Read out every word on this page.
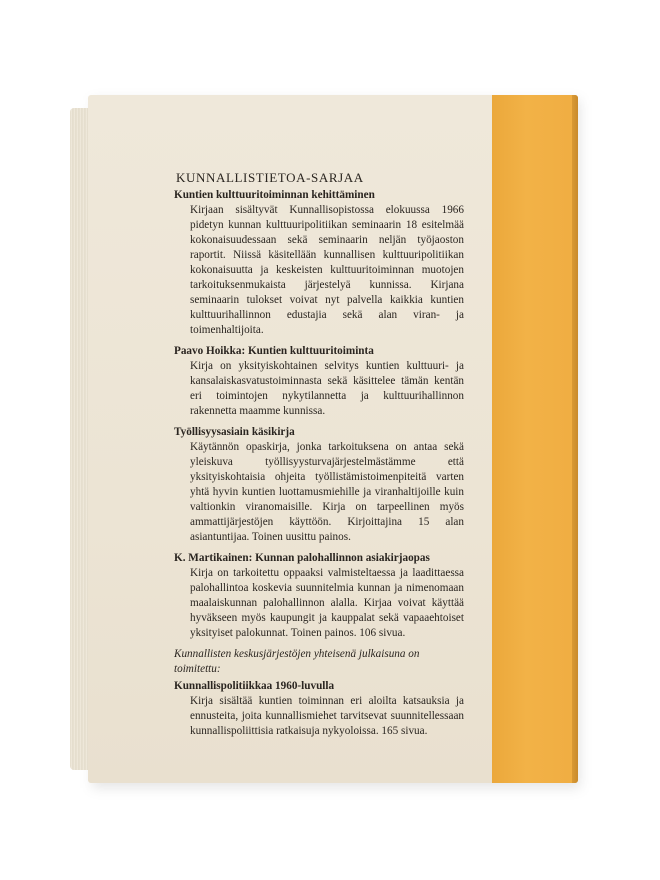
KUNNALLISTIETOA-SARJAA

Kuntien kulttuuritoiminnan kehittäminen

Kirjaan sisältyvät Kunnallisopistossa elokuussa 1966 pidetyn kunnan kulttuuripolitiikan seminaarin 18 esitelmää kokonaisuudessaan sekä seminaarin neljän työjaoston raportit. Niissä käsitellään kunnallisen kulttuuripolitiikan kokonaisuutta ja keskeisten kulttuuritoiminnan muotojen tarkoituksenmukaista järjestelyä kunnissa. Kirjana seminaarin tulokset voivat nyt palvella kaikkia kuntien kulttuurihallinnon edustajia sekä alan viran- ja toimenhaltijoita.

Paavo Hoikka: Kuntien kulttuuritoiminta

Kirja on yksityiskohtainen selvitys kuntien kulttuuri- ja kansalaiskasvatustoiminnasta sekä käsittelee tämän kentän eri toimintojen nykytilannetta ja kulttuurihallinnon rakennetta maamme kunnissa.

Työllisyysasiain käsikirja

Käytännön opaskirja, jonka tarkoituksena on antaa sekä yleiskuva työllisyysturvajärjestelmästämme että yksityiskohtaisia ohjeita työllistämistoimenpiteitä varten yhtä hyvin kuntien luottamusmiehille ja viranhaltijoille kuin valtionkin viranomaisille. Kirja on tarpeellinen myös ammattijärjestöjen käyttöön. Kirjoittajina 15 alan asiantuntijaa. Toinen uusittu painos.

K. Martikainen: Kunnan palohallinnon asiakirjaopas

Kirja on tarkoitettu oppaaksi valmisteltaessa ja laadittaessa palohallintoa koskevia suunnitelmia kunnan ja nimenomaan maalaiskunnan palohallinnon alalla. Kirjaa voivat käyttää hyväkseen myös kaupungit ja kauppalat sekä vapaaehtoiset yksityiset palokunnat. Toinen painos. 106 sivua.

Kunnallisten keskusjärjestöjen yhteisenä julkaisuna on toimitettu:

Kunnallispolitiikkaa 1960-luvulla

Kirja sisältää kuntien toiminnan eri aloilta katsauksia ja ennusteita, joita kunnallismiehet tarvitsevat suunnitellessaan kunnallispoliittisia ratkaisuja nykyoloissa. 165 sivua.
